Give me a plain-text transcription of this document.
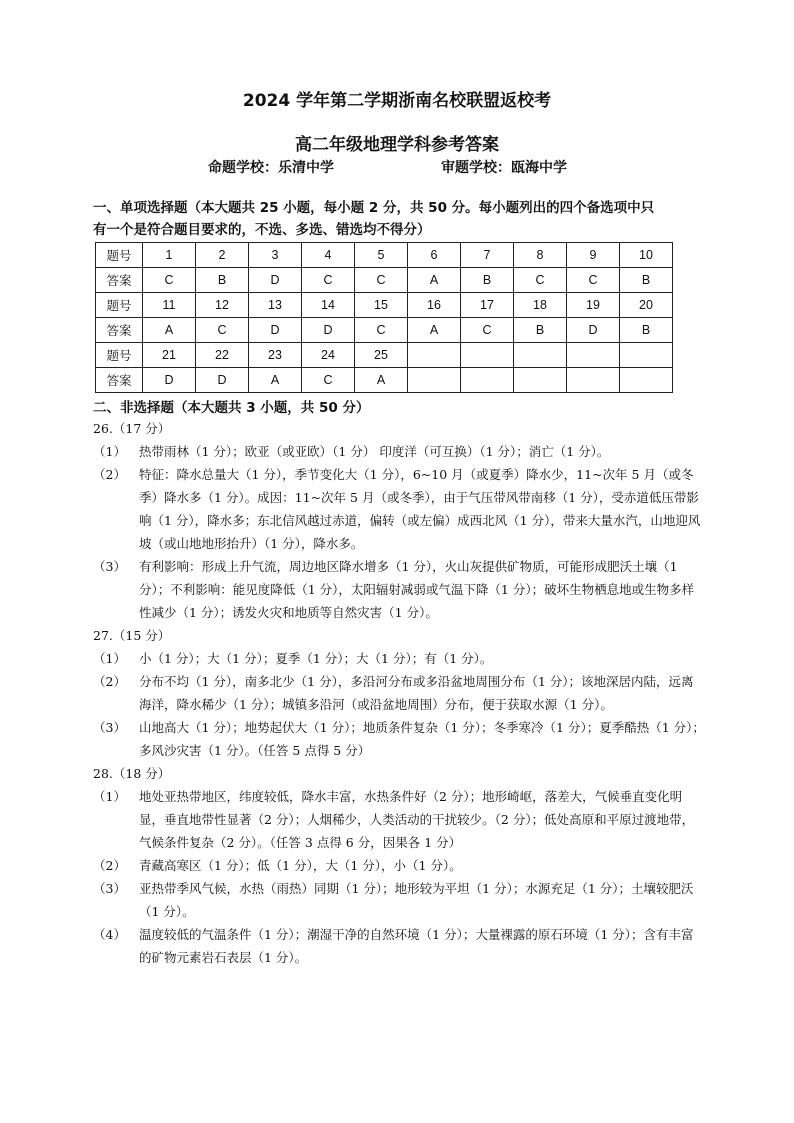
2024 学年第二学期浙南名校联盟返校考
高二年级地理学科参考答案
命题学校：乐清中学	审题学校：瓯海中学
一、单项选择题（本大题共 25 小题，每小题 2 分，共 50 分。每小题列出的四个备选项中只
有一个是符合题目要求的，不选、多选、错选均不得分）
题号	1	2	3	4	5	6	7	8	9	10
答案	C	B	D	C	C	A	B	C	C	B
题号	11	12	13	14	15	16	17	18	19	20
答案	A	C	D	D	C	A	C	B	D	B
题号	21	22	23	24	25					
答案	D	D	A	C	A					
二、非选择题（本大题共 3 小题，共 50 分）
26.（17 分）
（1）	热带雨林（1 分）；欧亚（或亚欧）（1 分） 印度洋（可互换）（1 分）；消亡（1 分）。
（2）	特征：降水总量大（1 分），季节变化大（1 分），6~10 月（或夏季）降水少，11~次年 5 月（或冬季）降水多（1 分）。成因：11~次年 5 月（或冬季），由于气压带风带南移（1 分），受赤道低压带影响（1 分），降水多；东北信风越过赤道，偏转（或左偏）成西北风（1 分），带来大量水汽，山地迎风坡（或山地地形抬升）（1 分），降水多。
（3）	有利影响：形成上升气流，周边地区降水增多（1 分），火山灰提供矿物质，可能形成肥沃土壤（1 分）；不利影响：能见度降低（1 分），太阳辐射减弱或气温下降（1 分）；破坏生物栖息地或生物多样性减少（1 分）；诱发火灾和地质等自然灾害（1 分）。
27.（15 分）
（1）	小（1 分）；大（1 分）；夏季（1 分）；大（1 分）；有（1 分）。
（2）	分布不均（1 分），南多北少（1 分），多沿河分布或多沿盆地周围分布（1 分）；该地深居内陆，远离海洋，降水稀少（1 分）；城镇多沿河（或沿盆地周围）分布，便于获取水源（1 分）。
（3）	山地高大（1 分）；地势起伏大（1 分）；地质条件复杂（1 分）；冬季寒冷（1 分）；夏季酷热（1 分）；多风沙灾害（1 分）。（任答 5 点得 5 分）
28.（18 分）
（1）	地处亚热带地区，纬度较低，降水丰富，水热条件好（2 分）；地形崎岖，落差大，气候垂直变化明显，垂直地带性显著（2 分）；人烟稀少，人类活动的干扰较少。（2 分）；低处高原和平原过渡地带，气候条件复杂（2 分）。（任答 3 点得 6 分，因果各 1 分）
（2）	青藏高寒区（1 分）；低（1 分），大（1 分），小（1 分）。
（3）	亚热带季风气候，水热（雨热）同期（1 分）；地形较为平坦（1 分）；水源充足（1 分）；土壤较肥沃（1 分）。
（4）	温度较低的气温条件（1 分）；潮湿干净的自然环境（1 分）；大量裸露的原石环境（1 分）；含有丰富的矿物元素岩石表层（1 分）。
